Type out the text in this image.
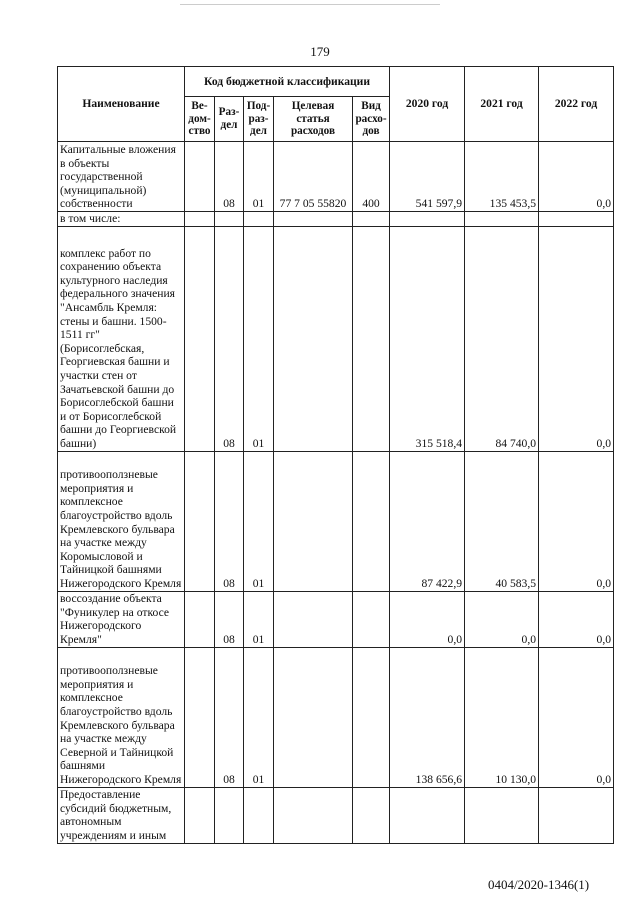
179
Наименование	Код бюджетной классификации					2020 год	2021 год	2022 год
	Ве-дом-ство	Раз-дел	Под-раз-дел	Целевая статья расходов	Вид расхо-дов			
Капитальные вложения в объекты государственной (муниципальной) собственности		08	01	77 7 05 55820	400	541 597,9	135 453,5	0,0
в том числе:								
комплекс работ по сохранению объекта культурного наследия федерального значения "Ансамбль Кремля: стены и башни. 1500-1511 гг" (Борисоглебская, Георгиевская башни и участки стен от Зачатьевской башни до Борисоглебской башни и от Борисоглебской башни до Георгиевской башни)		08	01			315 518,4	84 740,0	0,0
противооползневые мероприятия и комплексное благоустройство вдоль Кремлевского бульвара на участке между Коромысловой и Тайницкой башнями Нижегородского Кремля		08	01			87 422,9	40 583,5	0,0
воссоздание объекта "Фуникулер на откосе Нижегородского Кремля"		08	01			0,0	0,0	0,0
противооползневые мероприятия и комплексное благоустройство вдоль Кремлевского бульвара на участке между Северной и Тайницкой башнями Нижегородского Кремля		08	01			138 656,6	10 130,0	0,0
Предоставление субсидий бюджетным, автономным учреждениям и иным								
0404/2020-1346(1)
